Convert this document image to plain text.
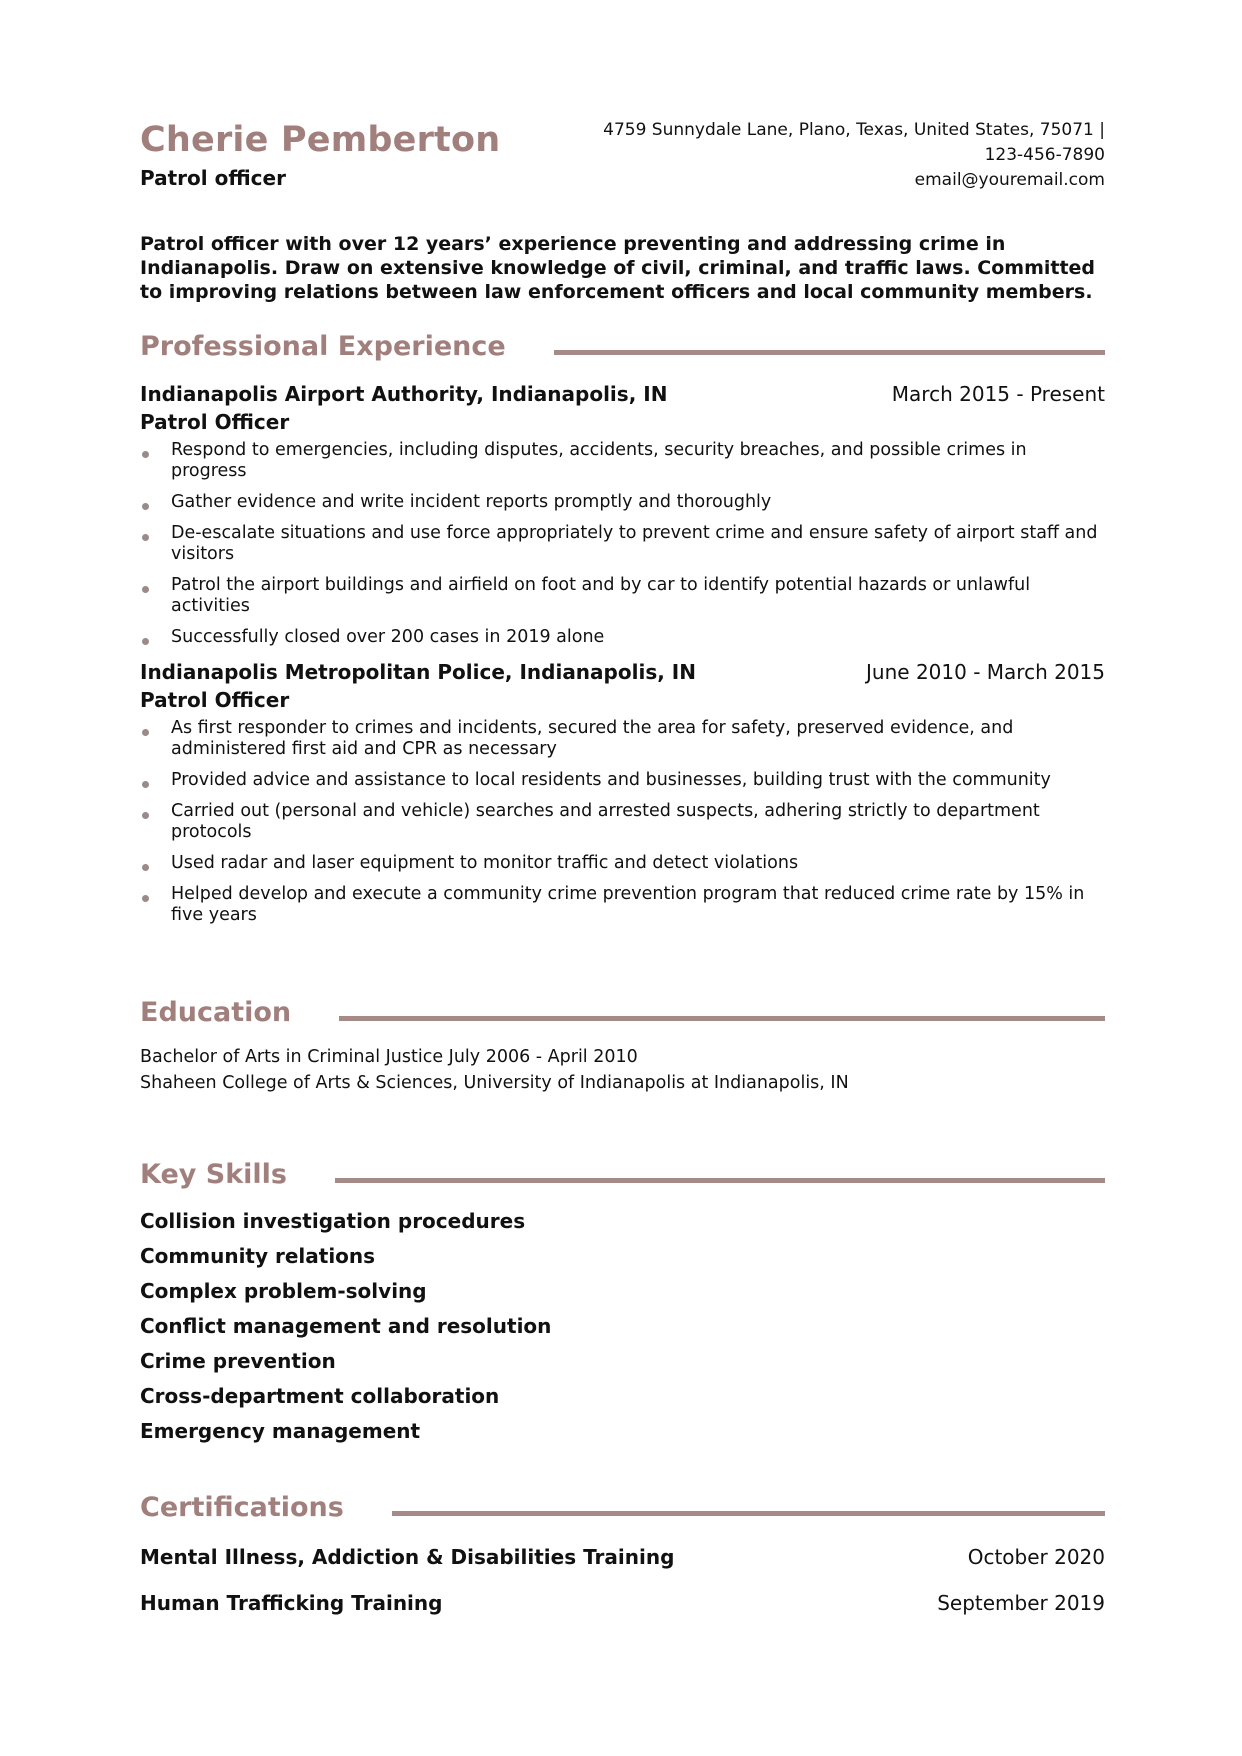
Cherie Pemberton
Patrol officer
4759 Sunnydale Lane, Plano, Texas, United States, 75071 |
123-456-7890
email@youremail.com
Patrol officer with over 12 years’ experience preventing and addressing crime in Indianapolis. Draw on extensive knowledge of civil, criminal, and traffic laws. Committed to improving relations between law enforcement officers and local community members.
Professional Experience
Indianapolis Airport Authority, Indianapolis, IN	March 2015 - Present
Patrol Officer
Respond to emergencies, including disputes, accidents, security breaches, and possible crimes in progress
Gather evidence and write incident reports promptly and thoroughly
De-escalate situations and use force appropriately to prevent crime and ensure safety of airport staff and visitors
Patrol the airport buildings and airfield on foot and by car to identify potential hazards or unlawful activities
Successfully closed over 200 cases in 2019 alone
Indianapolis Metropolitan Police, Indianapolis, IN	June 2010 - March 2015
Patrol Officer
As first responder to crimes and incidents, secured the area for safety, preserved evidence, and administered first aid and CPR as necessary
Provided advice and assistance to local residents and businesses, building trust with the community
Carried out (personal and vehicle) searches and arrested suspects, adhering strictly to department protocols
Used radar and laser equipment to monitor traffic and detect violations
Helped develop and execute a community crime prevention program that reduced crime rate by 15% in five years
Education
Bachelor of Arts in Criminal Justice July 2006 - April 2010
Shaheen College of Arts & Sciences, University of Indianapolis at Indianapolis, IN
Key Skills
Collision investigation procedures
Community relations
Complex problem-solving
Conflict management and resolution
Crime prevention
Cross-department collaboration
Emergency management
Certifications
Mental Illness, Addiction & Disabilities Training	October 2020
Human Trafficking Training	September 2019
